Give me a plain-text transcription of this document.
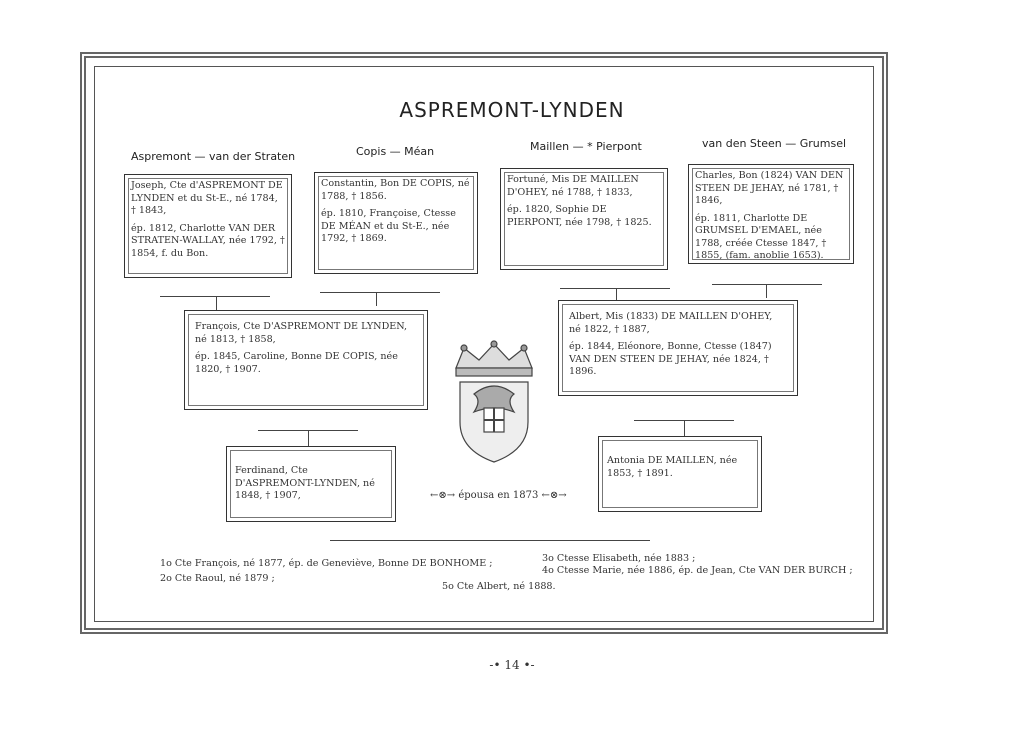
ASPREMONT-LYNDEN
Aspremont — van der Straten	Copis — Méan	Maillen — * Pierpont	van den Steen — Grumsel

Joseph, Cte d'ASPREMONT DE LYNDEN et du St-E., né 1784, † 1843,

ép. 1812, Charlotte VAN DER STRATEN-WALLAY, née 1792, † 1854, f. du Bon.

Constantin, Bon DE COPIS, né 1788, † 1856.

ép. 1810, Françoise, Ctesse DE MÉAN et du St-E., née 1792, † 1869.

Fortuné, Mis DE MAILLEN D'OHEY, né 1788, † 1833,

ép. 1820, Sophie DE PIERPONT, née 1798, † 1825.

Charles, Bon (1824) VAN DEN STEEN DE JEHAY, né 1781, † 1846,

ép. 1811, Charlotte DE GRUMSEL D'EMAEL, née 1788, créée Ctesse 1847, † 1855, (fam. anoblie 1653).

François, Cte D'ASPREMONT DE LYNDEN, né 1813, † 1858,

ép. 1845, Caroline, Bonne DE COPIS, née 1820, † 1907.

Albert, Mis (1833) DE MAILLEN D'OHEY, né 1822, † 1887,

ép. 1844, Eléonore, Bonne, Ctesse (1847) VAN DEN STEEN DE JEHAY, née 1824, † 1896.

Ferdinand, Cte D'ASPREMONT-LYNDEN, né 1848, † 1907,

Antonia DE MAILLEN, née 1853, † 1891.

←⊗→ épousa en 1873 ←⊗→
1o Cte François, né 1877, ép. de Geneviève, Bonne DE BONHOME ;
2o Cte Raoul, né 1879 ;
3o Ctesse Elisabeth, née 1883 ;
4o Ctesse Marie, née 1886, ép. de Jean, Cte VAN DER BURCH ;
5o Cte Albert, né 1888.
-• 14 •-
